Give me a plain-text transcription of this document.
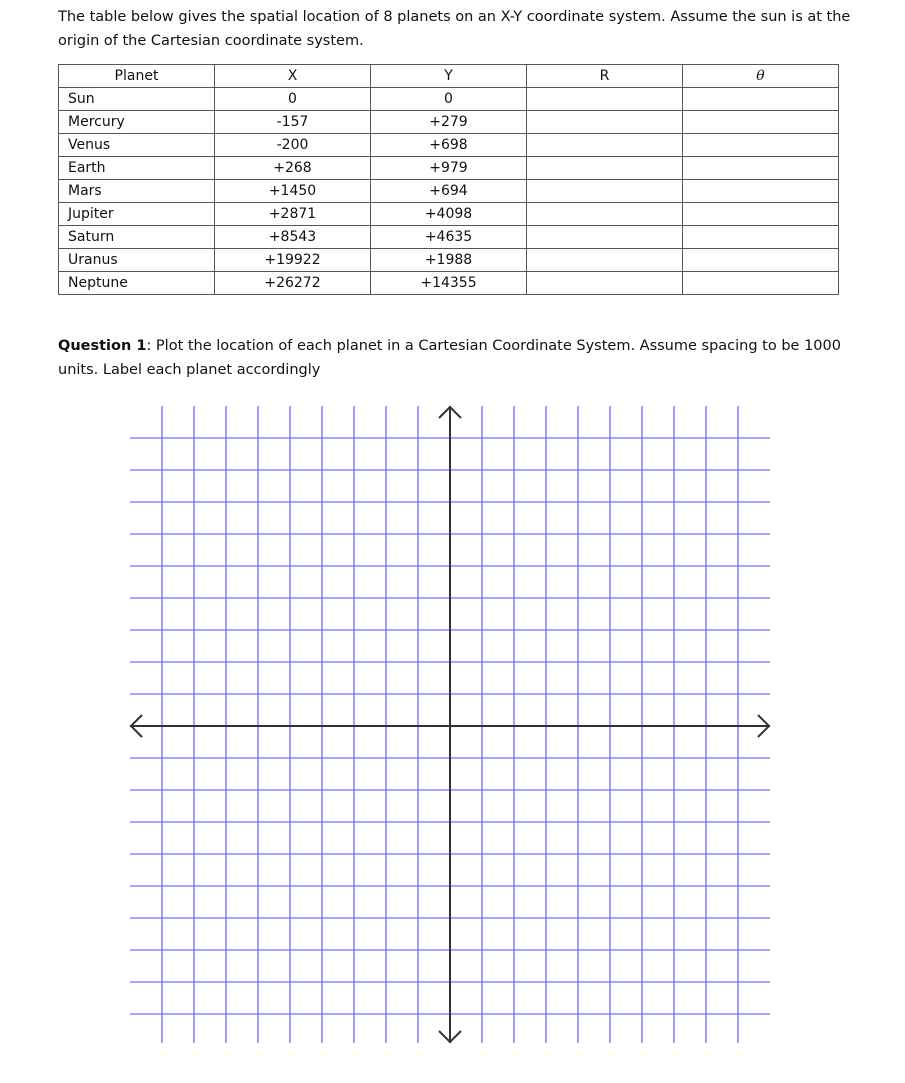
The table below gives the spatial location of 8 planets on an X-Y coordinate system. Assume the sun is at the origin of the Cartesian coordinate system.
Planet	X	Y	R	θ
Sun	0	0		
Mercury	-157	+279		
Venus	-200	+698		
Earth	+268	+979		
Mars	+1450	+694		
Jupiter	+2871	+4098		
Saturn	+8543	+4635		
Uranus	+19922	+1988		
Neptune	+26272	+14355		
Question 1: Plot the location of each planet in a Cartesian Coordinate System. Assume spacing to be 1000 units. Label each planet accordingly
